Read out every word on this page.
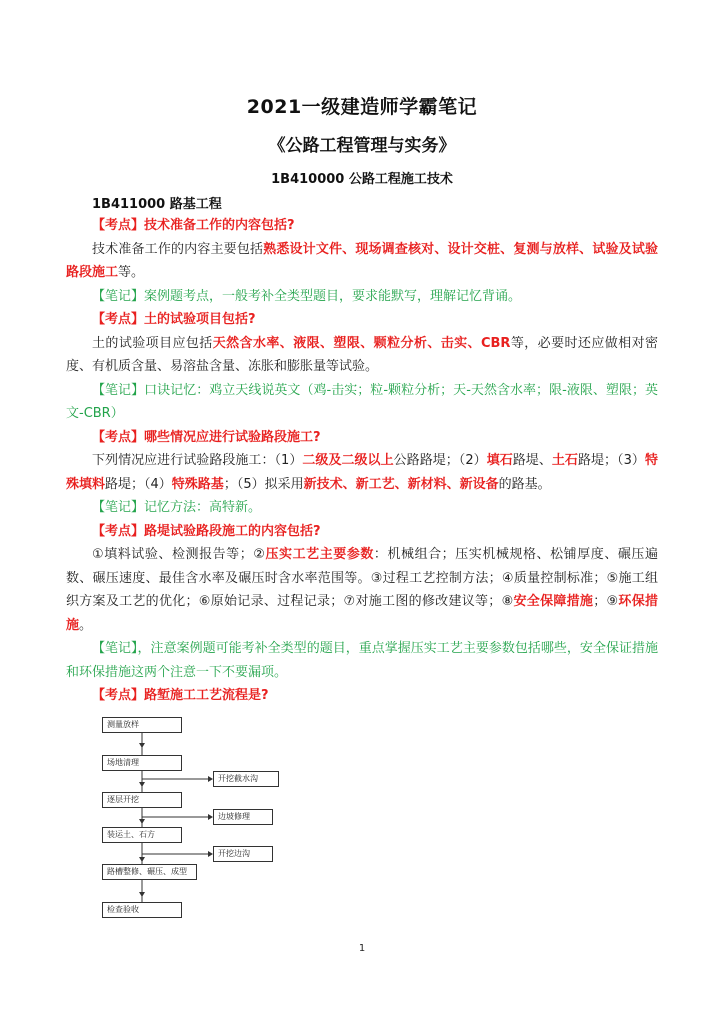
2021一级建造师学霸笔记
《公路工程管理与实务》
1B410000 公路工程施工技术
1B411000 路基工程

【考点】技术准备工作的内容包括?

技术准备工作的内容主要包括熟悉设计文件、现场调查核对、设计交桩、复测与放样、试验及试验路段施工等。

【笔记】案例题考点，一般考补全类型题目，要求能默写，理解记忆背诵。

【考点】土的试验项目包括?

土的试验项目应包括天然含水率、液限、塑限、颗粒分析、击实、CBR等，必要时还应做相对密度、有机质含量、易溶盐含量、冻胀和膨胀量等试验。

【笔记】口诀记忆：鸡立天线说英文（鸡-击实；粒-颗粒分析；天-天然含水率；限-液限、塑限；英文-CBR）

【考点】哪些情况应进行试验路段施工?

下列情况应进行试验路段施工：（1）二级及二级以上公路路堤；（2）填石路堤、土石路堤；（3）特殊填料路堤；（4）特殊路基；（5）拟采用新技术、新工艺、新材料、新设备的路基。

【笔记】记忆方法：高特新。

【考点】路堤试验路段施工的内容包括?

①填料试验、检测报告等；②压实工艺主要参数：机械组合；压实机械规格、松铺厚度、碾压遍数、碾压速度、最佳含水率及碾压时含水率范围等。③过程工艺控制方法；④质量控制标准；⑤施工组织方案及工艺的优化；⑥原始记录、过程记录；⑦对施工图的修改建议等；⑧安全保障措施；⑨环保措施。

【笔记】，注意案例题可能考补全类型的题目，重点掌握压实工艺主要参数包括哪些，安全保证措施和环保措施这两个注意一下不要漏项。

【考点】路堑施工工艺流程是?

测量放样
场地清理
逐层开挖
装运土、石方
路槽整修、碾压、成型
检查验收
开挖截水沟
边坡修理
开挖边沟
1
